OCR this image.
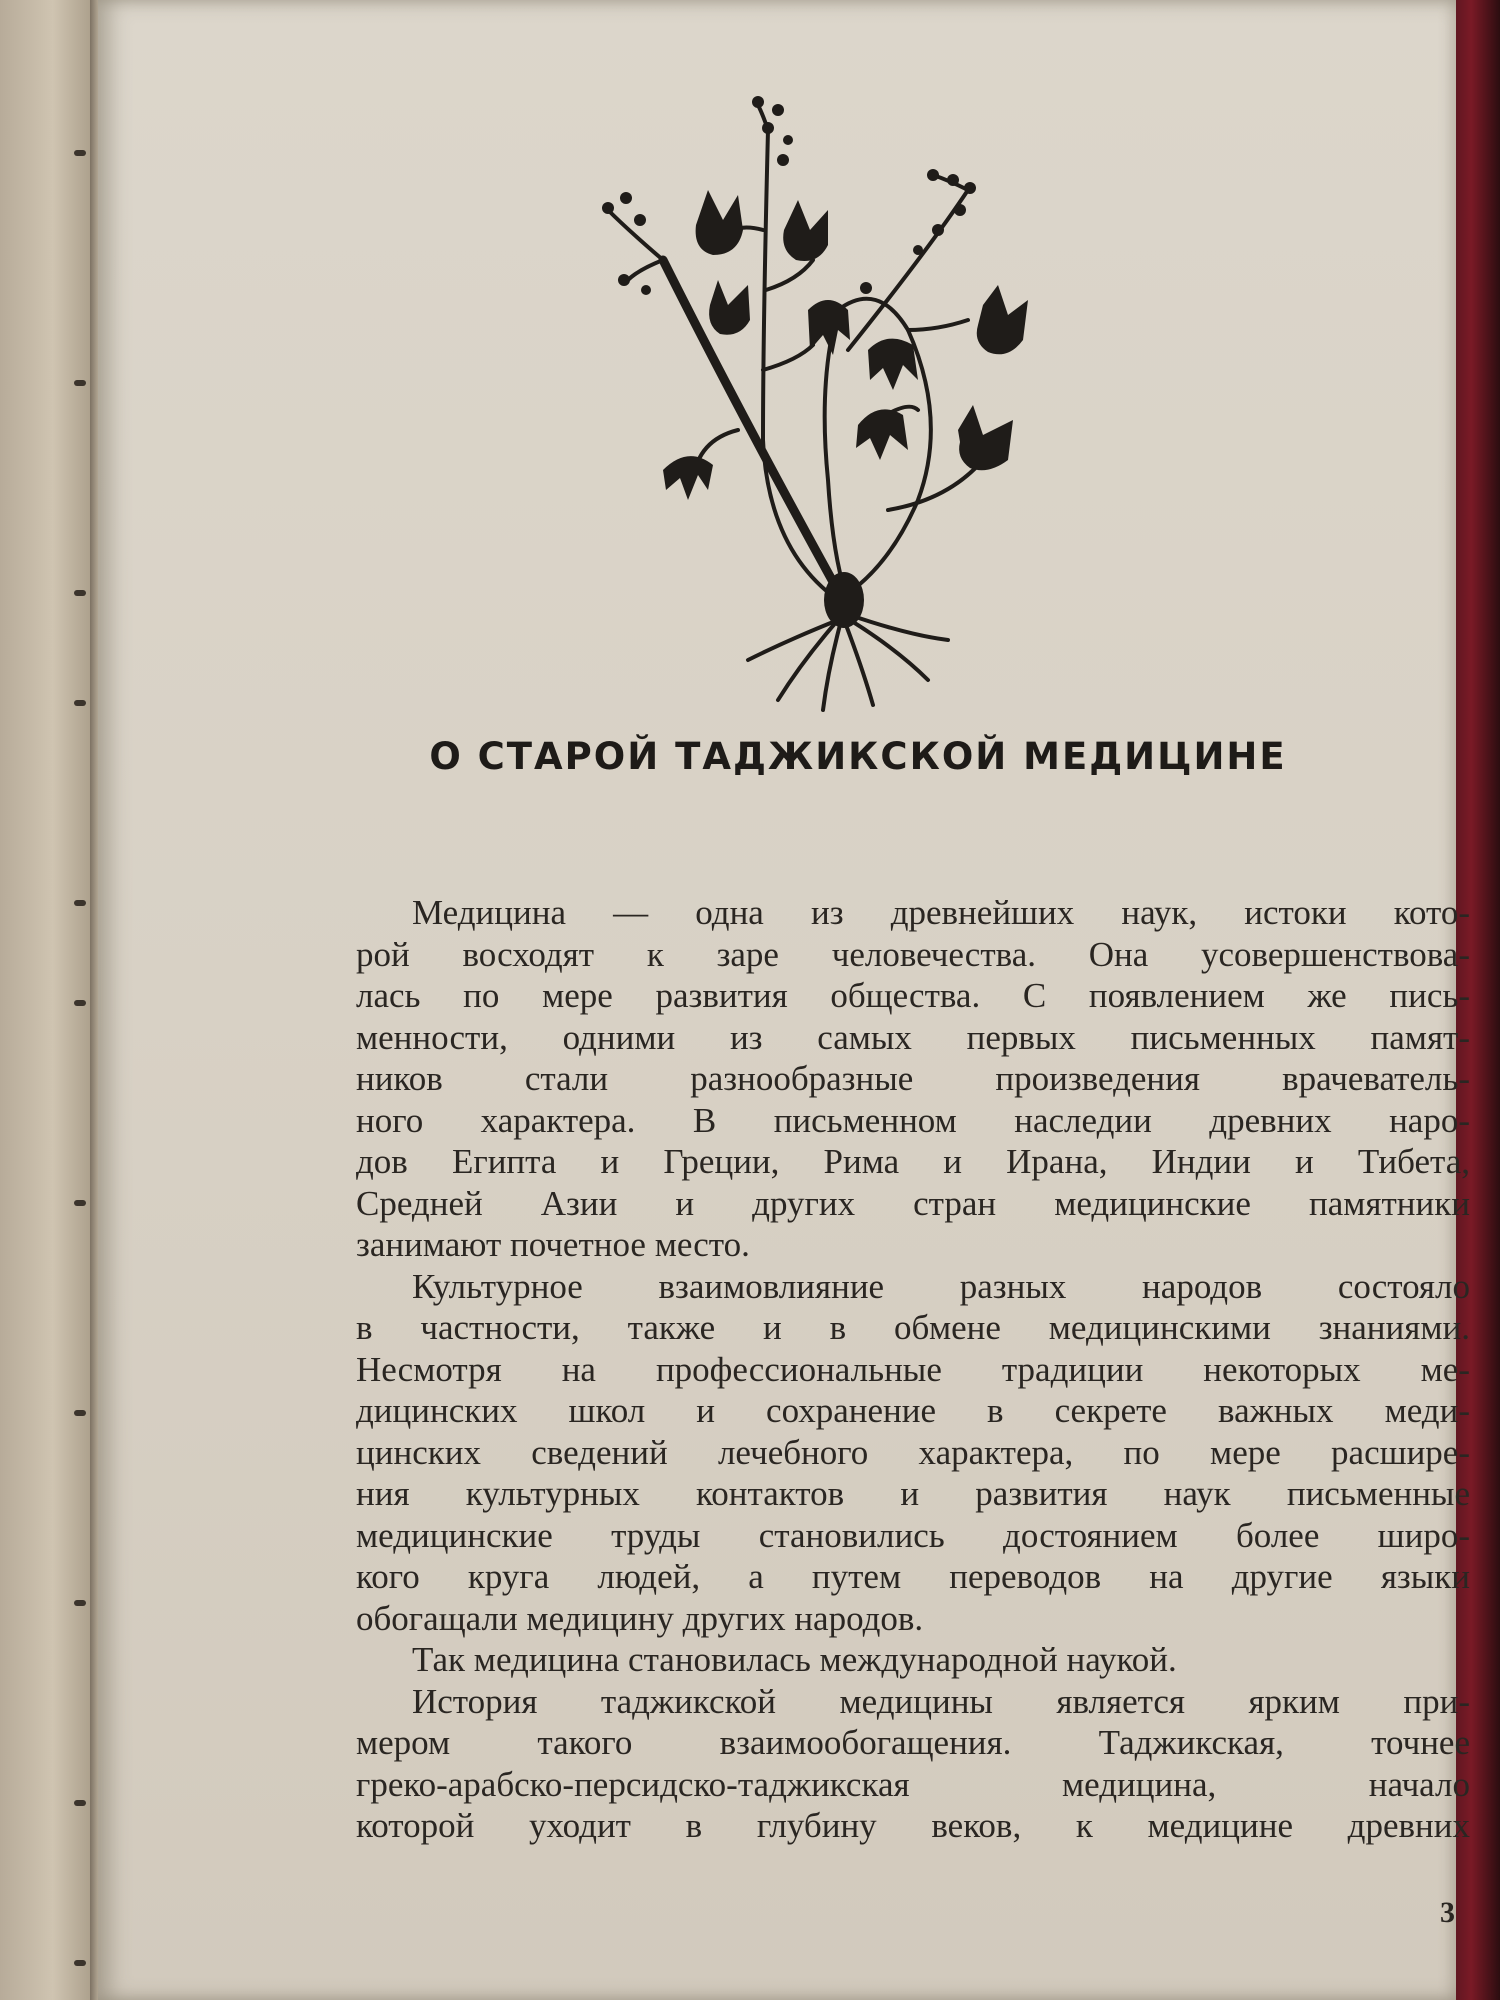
О СТАРОЙ ТАДЖИКСКОЙ МЕДИЦИНЕ
Медицина — одна из древнейших наук, истоки кото-
рой восходят к заре человечества. Она усовершенствова-
лась по мере развития общества. С появлением же пись-
менности, одними из самых первых письменных памят-
ников стали разнообразные произведения врачеватель-
ного характера. В письменном наследии древних наро-
дов Египта и Греции, Рима и Ирана, Индии и Тибета,
Средней Азии и других стран медицинские памятники
занимают почетное место.
Культурное взаимовлияние разных народов состояло
в частности, также и в обмене медицинскими знаниями.
Несмотря на профессиональные традиции некоторых ме-
дицинских школ и сохранение в секрете важных меди-
цинских сведений лечебного характера, по мере расшире-
ния культурных контактов и развития наук письменные
медицинские труды становились достоянием более широ-
кого круга людей, а путем переводов на другие языки
обогащали медицину других народов.
Так медицина становилась международной наукой.
История таджикской медицины является ярким при-
мером такого взаимообогащения. Таджикская, точнее
греко-арабско-персидско-таджикская медицина, начало
которой уходит в глубину веков, к медицине древних
3
